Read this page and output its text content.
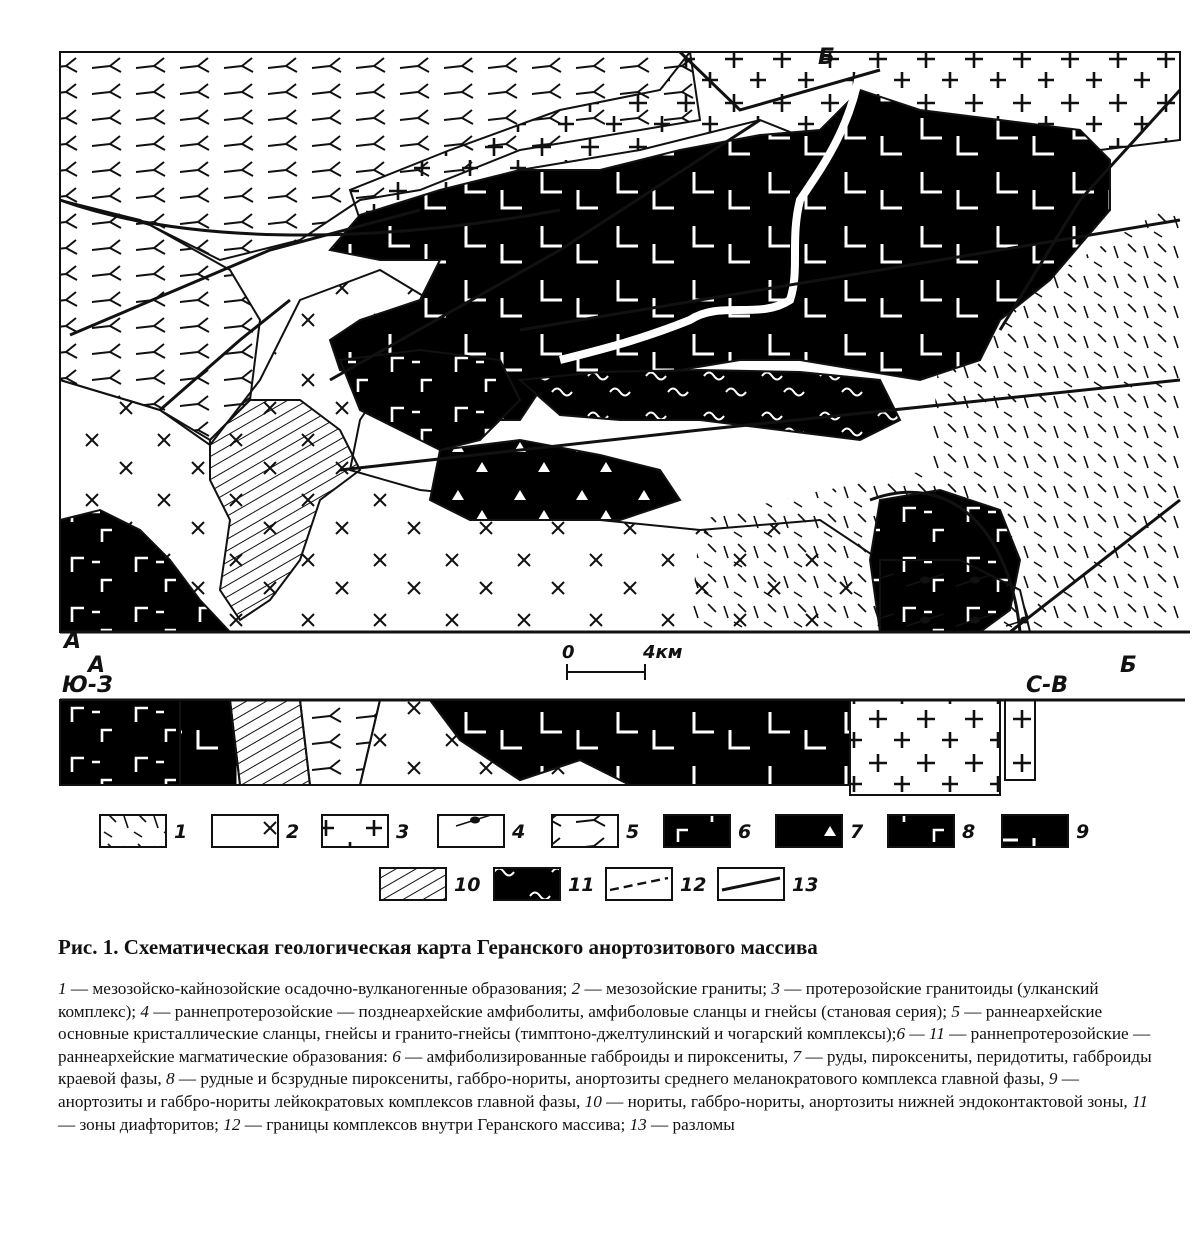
А
Б
0	4км
А
Ю-З
Б
С-В
1	2	3	4	5	6	7	8	9
10	11	12	13

Рис. 1. Схематическая геологическая карта Геранского анортозитового массива

1 — мезозойско-кайнозойские осадочно-вулканогенные образования; 2 — мезозойские граниты; 3 — протерозойские гранитоиды (улканский комплекс); 4 — раннепротерозойские — позднеархейские амфиболиты, амфиболовые сланцы и гнейсы (становая серия); 5 — раннеархейские основные кристаллические сланцы, гнейсы и гранито-гнейсы (тимптоно-джелтулинский и чогарский комплексы);6 — 11 — раннепротерозойские — раннеархейские магматические образования: 6 — амфиболизированные габброиды и пироксениты, 7 — руды, пироксениты, перидотиты, габброиды краевой фазы, 8 — рудные и бсзрудные пироксениты, габбро-нориты, анортозиты среднего меланократового комплекса главной фазы, 9 — анортозиты и габбро-нориты лейкократовых комплексов главной фазы, 10 — нориты, габбро-нориты, анортозиты нижней эндоконтактовой зоны, 11 — зоны диафторитов; 12 — границы комплексов внутри Геранского массива; 13 — разломы
